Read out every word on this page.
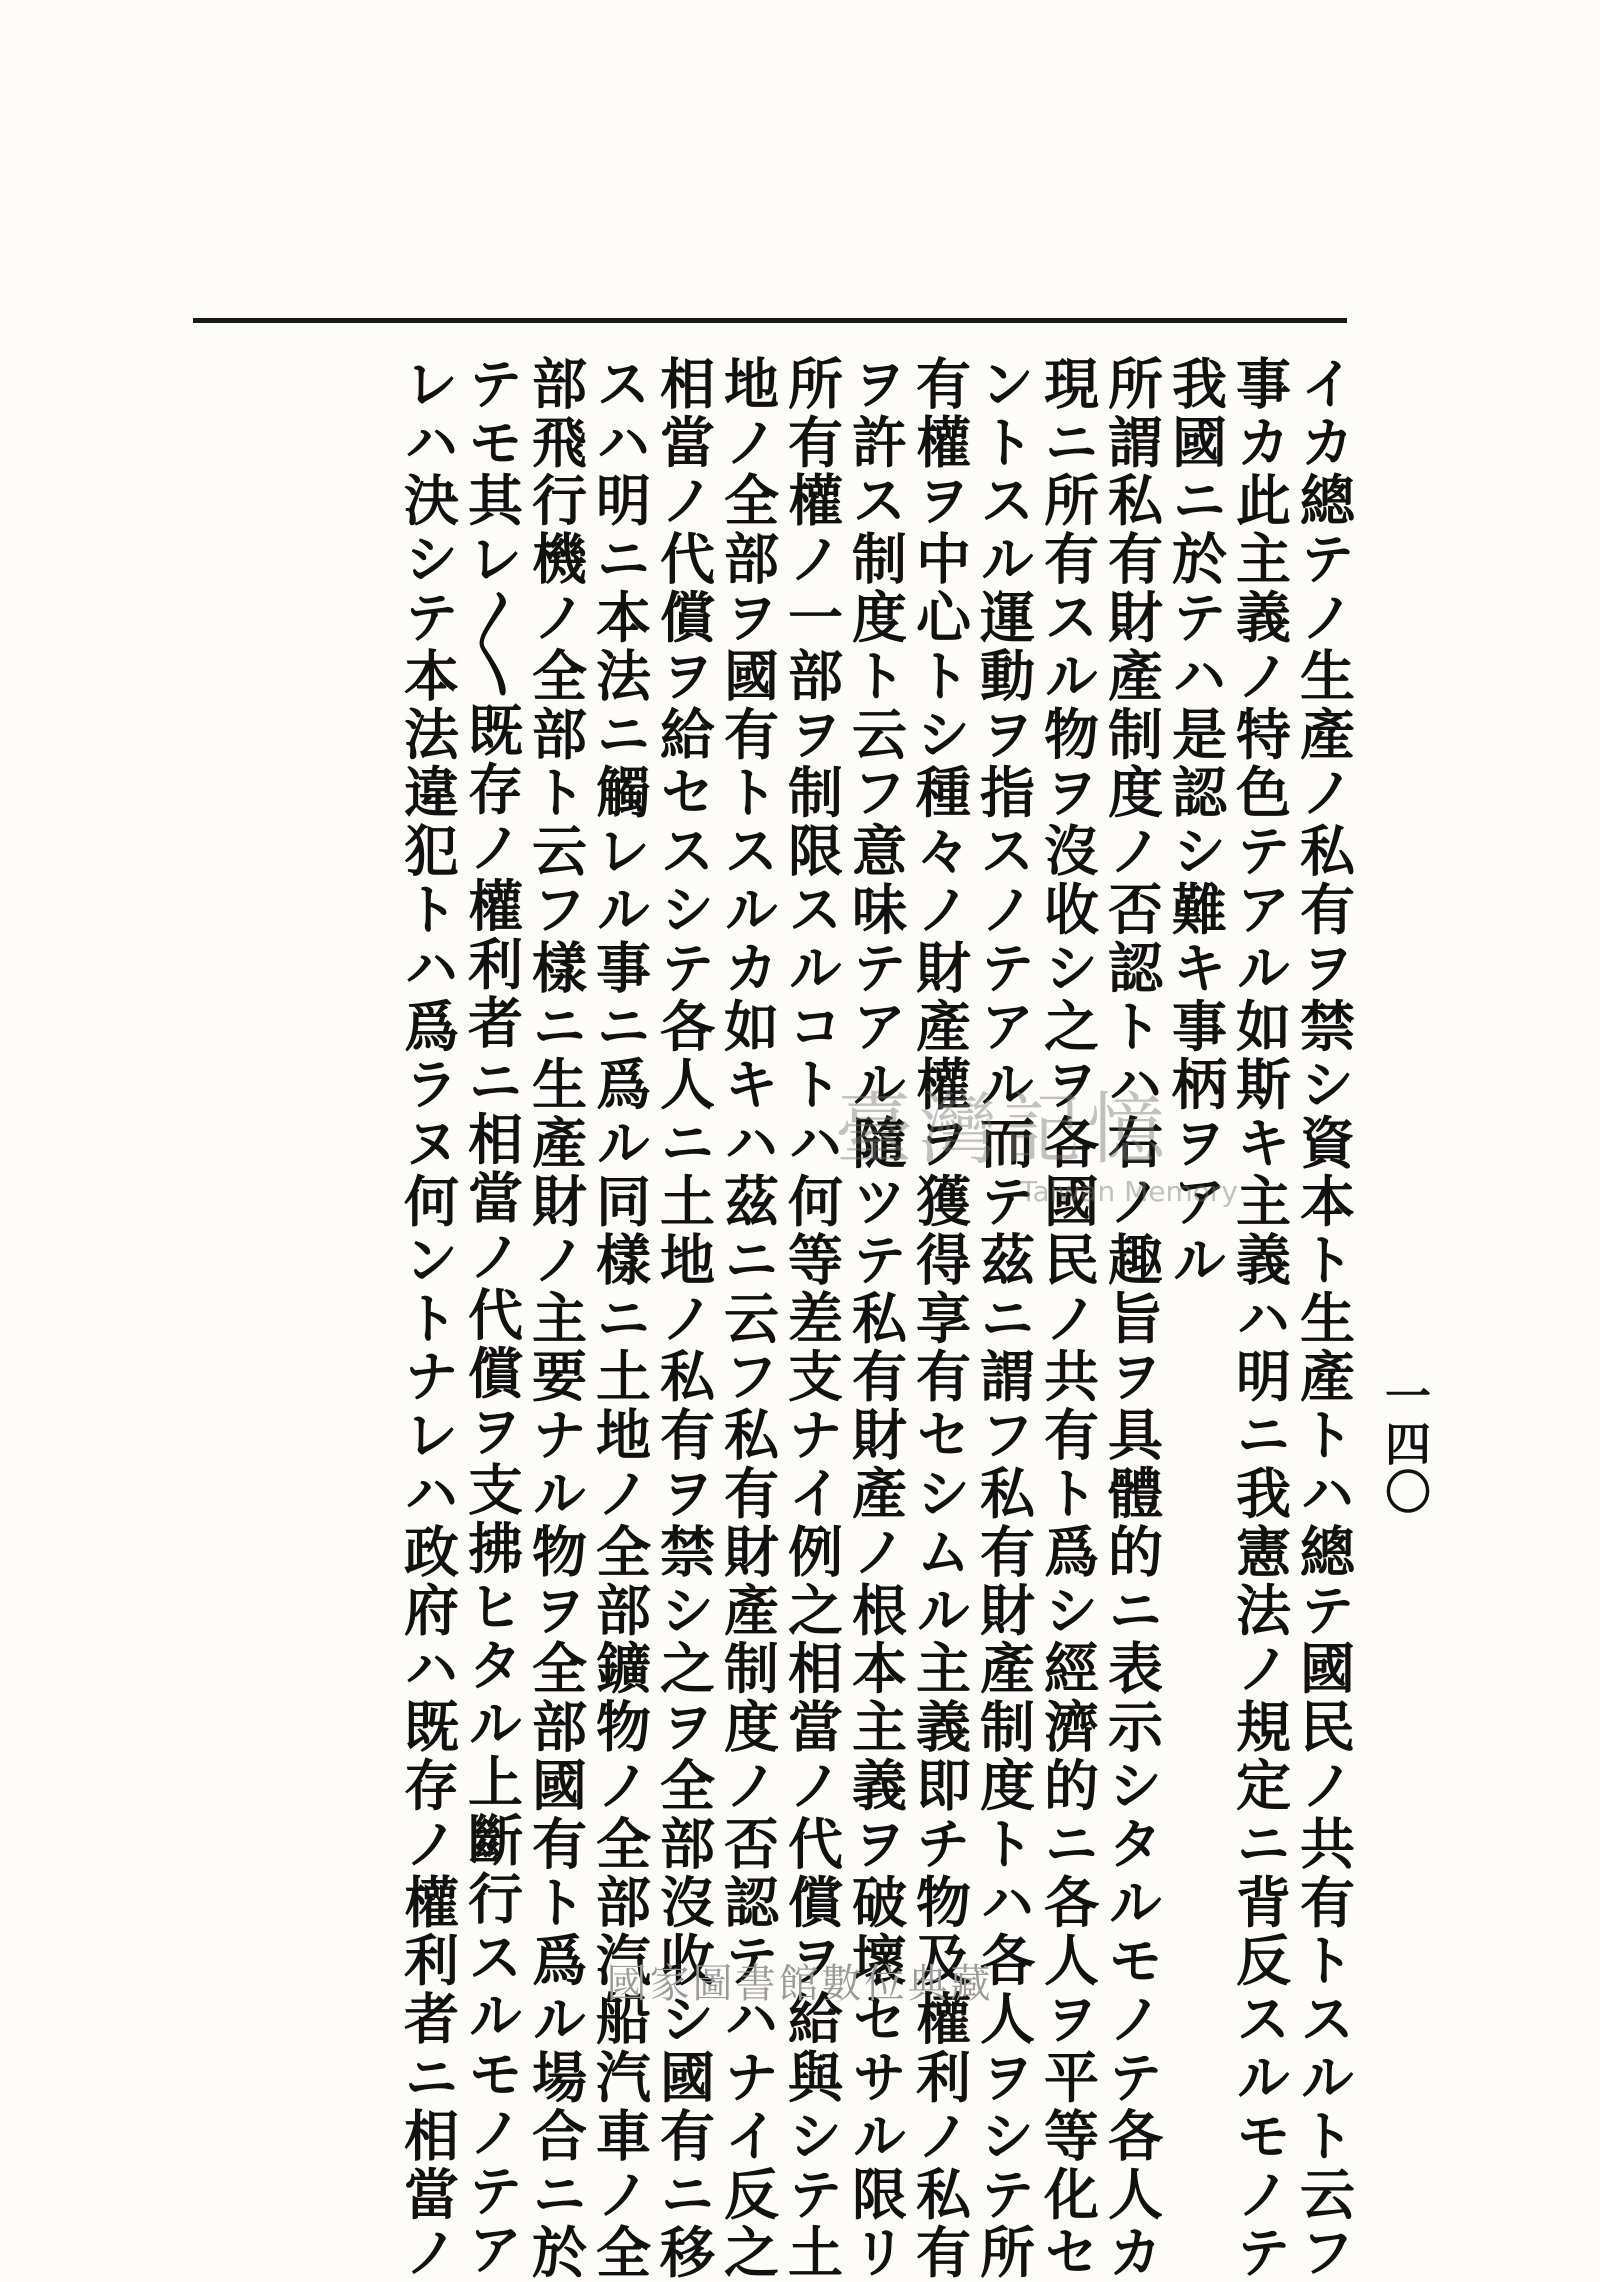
一四〇
イカ總テノ生產ノ私有ヲ禁シ資本ト生產トハ總テ國民ノ共有トスルト云フ
事カ此主義ノ特色テアル如斯キ主義ハ明ニ我憲法ノ規定ニ背反スルモノテ
我國ニ於テハ是認シ難キ事柄ヲアル
所謂私有財產制度ノ否認トハ右ノ趣旨ヲ具體的ニ表示シタルモノテ各人カ
現ニ所有スル物ヲ沒收シ之ヲ各國民ノ共有ト爲シ經濟的ニ各人ヲ平等化セ
ントスル運動ヲ指スノテアル而テ茲ニ謂フ私有財產制度トハ各人ヲシテ所
有權ヲ中心トシ種々ノ財產權ヲ獲得享有セシムル主義即チ物及權利ノ私有
ヲ許ス制度ト云フ意味テアル隨ツテ私有財產ノ根本主義ヲ破壞セサル限リ
所有權ノ一部ヲ制限スルコトハ何等差支ナイ例之相當ノ代償ヲ給與シテ土
地ノ全部ヲ國有トスルカ如キハ茲ニ云フ私有財產制度ノ否認テハナイ反之
相當ノ代償ヲ給セスシテ各人ニ土地ノ私有ヲ禁シ之ヲ全部沒收シ國有ニ移
スハ明ニ本法ニ觸レル事ニ爲ル同樣ニ土地ノ全部鑛物ノ全部汽船汽車ノ全
部飛行機ノ全部ト云フ樣ニ生產財ノ主要ナル物ヲ全部國有ト爲ル場合ニ於
テモ其レ〳〵既存ノ權利者ニ相當ノ代償ヲ支拂ヒタル上斷行スルモノテア
レハ決シテ本法違犯トハ爲ラヌ何ントナレハ政府ハ既存ノ權利者ニ相當ノ	臺灣記憶
Taiwan Memory
國家圖書館數位典藏
